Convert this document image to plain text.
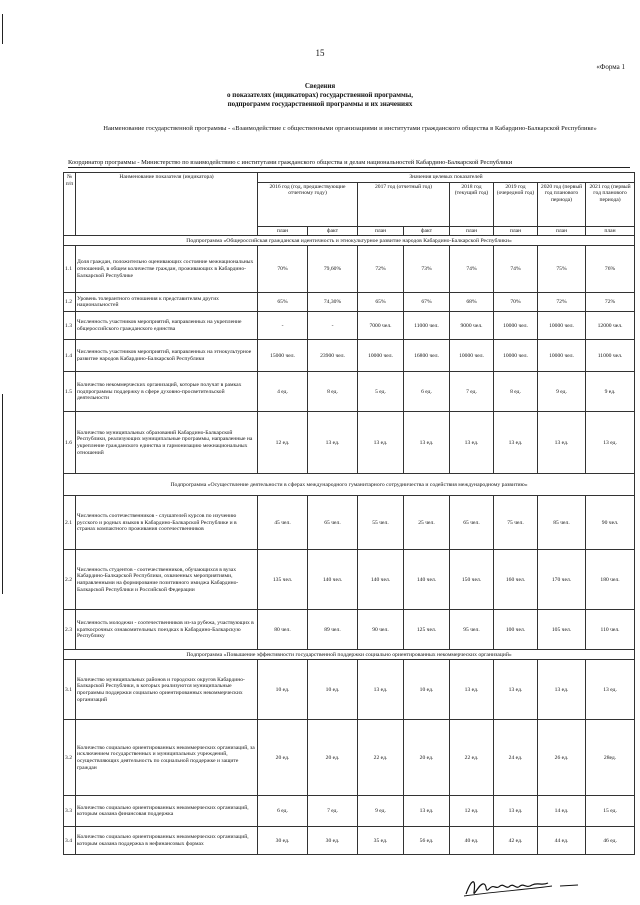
15
«Форма 1
Сведения
о показателях (индикаторах) государственной программы,
подпрограмм государственной программы и их значениях
Наименование государственной программы - «Взаимодействие с общественными организациями и институтами гражданского общества в Кабардино-Балкарской Республике»
Координатор программы - Министерство по взаимодействию с институтами гражданского общества и делам национальностей Кабардино-Балкарской Республики
№ п/п	Наименование показателя (индикатора)	Значения целевых показателей							
		2016 год (год, предшествующие отчетному году)		2017 год (отчетный год)		2018 год (текущий год)	2019 год (очередной год)	2020 год (первый год планового периода)	2021 год (первый год планового периода)
		план	факт	план	факт	план	план	план	план
Подпрограмма «Общероссийская гражданская идентичность и этнокультурное развитие народов Кабардино-Балкарской Республики»									
1.1	Доля граждан, положительно оценивающих состояние межнациональных отношений, в общем количестве граждан, проживающих в Кабардино-Балкарской Республике	70%	79,60%	72%	73%	74%	74%	75%	76%
1.2	Уровень толерантного отношения к представителям других национальностей	65%	74,30%	65%	67%	68%	70%	72%	72%
1.3	Численность участников мероприятий, направленных на укрепление общероссийского гражданского единства	-	-	7000 чел.	11000 чел.	9000 чел.	10000 чел.	10000 чел.	12000 чел.
1.4	Численность участников мероприятий, направленных на этнокультурное развитие народов Кабардино-Балкарской Республики	15000 чел.	23900 чел.	10000 чел.	16800 чел.	10000 чел.	10000 чел.	10000 чел.	11000 чел.
1.5	Количество некоммерческих организаций, которые получат в рамках подпрограммы поддержку в сфере духовно-просветительской деятельности	4 ед.	8 ед.	5 ед.	6 ед.	7 ед.	8 ед.	9 ед.	9 ед.
1.6	Количество муниципальных образований Кабардино-Балкарской Республики, реализующих муниципальные программы, направленные на укрепление гражданского единства и гармонизацию межнациональных отношений	12 ед.	13 ед.	13 ед.	13 ед.	13 ед.	13 ед.	13 ед.	13 ед.
Подпрограмма «Осуществление деятельности в сферах международного гуманитарного сотрудничества и содействия международному развитию»									
2.1	Численность соотечественников - слушателей курсов по изучению русского и родных языков в Кабардино-Балкарской Республике и в странах компактного проживания соотечественников	45 чел.	65 чел.	55 чел.	25 чел.	65 чел.	75 чел.	85 чел.	90 чел.
2.2	Численность студентов - соотечественников, обучающихся в вузах Кабардино-Балкарской Республики, охваченных мероприятиями, направленными на формирование позитивного имиджа Кабардино-Балкарской Республики и Российской Федерации	135 чел.	140 чел.	140 чел.	140 чел.	150 чел.	160 чел.	170 чел.	180 чел.
2.3	Численность молодежи - соотечественников из-за рубежа, участвующих в краткосрочных ознакомительных поездках в Кабардино-Балкарскую Республику	80 чел.	89 чел.	90 чел.	125 чел.	95 чел.	100 чел.	105 чел.	110 чел.
Подпрограмма «Повышение эффективности государственной поддержки социально ориентированных некоммерческих организаций»									
3.1	Количество муниципальных районов и городских округов Кабардино-Балкарской Республики, в которых реализуются муниципальные программы поддержки социально ориентированных некоммерческих организаций	10 ед.	10 ед.	13 ед.	10 ед.	13 ед.	13 ед.	13 ед.	13 ед.
3.2	Количество социально ориентированных некоммерческих организаций, за исключением государственных и муниципальных учреждений, осуществляющих деятельность по социальной поддержке и защите граждан	20 ед.	20 ед.	22 ед.	20 ед.	22 ед.	24 ед.	26 ед.	28ед.
3.3	Количество социально ориентированных некоммерческих организаций, которым оказана финансовая поддержка	6 ед.	7 ед.	9 ед.	13 ед.	12 ед.	13 ед.	14 ед.	15 ед.
3.4	Количество социально ориентированных некоммерческих организаций, которым оказана поддержка в нефинансовых формах	30 ед.	30 ед.	35 ед.	56 ед.	40 ед.	42 ед.	44 ед.	46 ед.
